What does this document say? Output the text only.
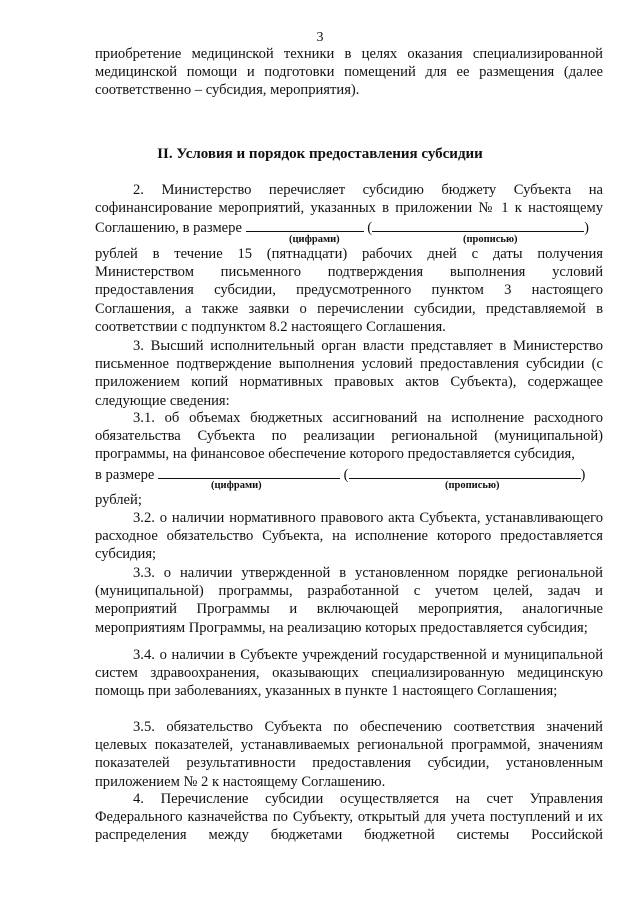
3
приобретение медицинской техники в целях оказания специализированной медицинской помощи и подготовки помещений для ее размещения (далее соответственно – субсидия, мероприятия).
II. Условия и порядок предоставления субсидии
2. Министерство перечисляет субсидию бюджету Субъекта на софинансирование мероприятий, указанных в приложении № 1 к настоящему Соглашению, в размере	(	)
(цифрами)	(прописью)
рублей в течение 15 (пятнадцати) рабочих дней с даты получения Министерством письменного подтверждения выполнения условий предоставления субсидии, предусмотренного пунктом 3 настоящего Соглашения, а также заявки о перечислении субсидии, представляемой в соответствии с подпунктом 8.2 настоящего Соглашения.
3. Высший исполнительный орган власти представляет в Министерство письменное подтверждение выполнения условий предоставления субсидии (с приложением копий нормативных правовых актов Субъекта), содержащее следующие сведения:
3.1. об объемах бюджетных ассигнований на исполнение расходного обязательства Субъекта по реализации региональной (муниципальной) программы, на финансовое обеспечение которого предоставляется субсидия,
в размере	(	)
(цифрами)	(прописью)
рублей;
3.2. о наличии нормативного правового акта Субъекта, устанавливающего расходное обязательство Субъекта, на исполнение которого предоставляется субсидия;
3.3. о наличии утвержденной в установленном порядке региональной (муниципальной) программы, разработанной с учетом целей, задач и мероприятий Программы и включающей мероприятия, аналогичные мероприятиям Программы, на реализацию которых предоставляется субсидия;
3.4. о наличии в Субъекте учреждений государственной и муниципальной систем здравоохранения, оказывающих специализированную медицинскую помощь при заболеваниях, указанных в пункте 1 настоящего Соглашения;
3.5. обязательство Субъекта по обеспечению соответствия значений целевых показателей, устанавливаемых региональной программой, значениям показателей результативности предоставления субсидии, установленным приложением № 2 к настоящему Соглашению.
4. Перечисление субсидии осуществляется на счет Управления Федерального казначейства по Субъекту, открытый для учета поступлений и их распределения между бюджетами бюджетной системы Российской
